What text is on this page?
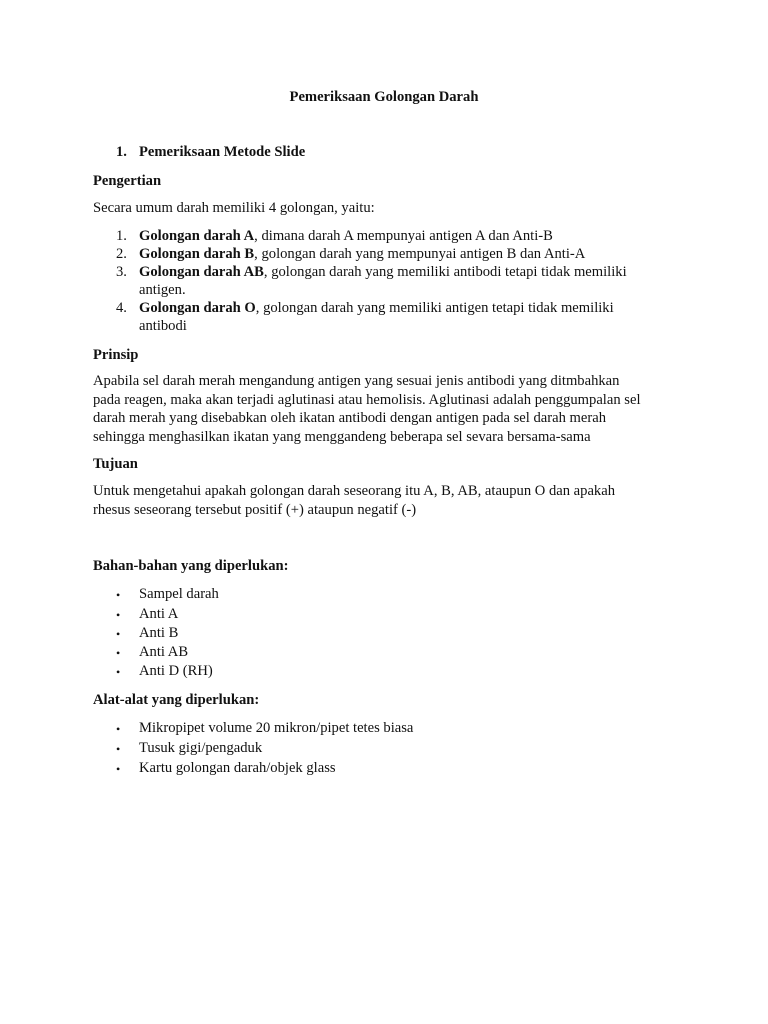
Pemeriksaan Golongan Darah
1. Pemeriksaan Metode Slide
Pengertian
Secara umum darah memiliki 4 golongan, yaitu:
1. Golongan darah A, dimana darah A mempunyai antigen A dan Anti-B
2. Golongan darah B, golongan darah yang mempunyai antigen B dan Anti-A
3. Golongan darah AB, golongan darah yang memiliki antibodi tetapi tidak memiliki
antigen.
4. Golongan darah O, golongan darah yang memiliki antigen tetapi tidak memiliki
antibodi
Prinsip
Apabila sel darah merah mengandung antigen yang sesuai jenis antibodi yang ditmbahkan
pada reagen, maka akan terjadi aglutinasi atau hemolisis. Aglutinasi adalah penggumpalan sel
darah merah yang disebabkan oleh ikatan antibodi dengan antigen pada sel darah merah
sehingga menghasilkan ikatan yang menggandeng beberapa sel sevara bersama-sama
Tujuan
Untuk mengetahui apakah golongan darah seseorang itu A, B, AB, ataupun O dan apakah
rhesus seseorang tersebut positif (+) ataupun negatif (-)
Bahan-bahan yang diperlukan:
• Sampel darah
• Anti A
• Anti B
• Anti AB
• Anti D (RH)
Alat-alat yang diperlukan:
• Mikropipet volume 20 mikron/pipet tetes biasa
• Tusuk gigi/pengaduk
• Kartu golongan darah/objek glass
